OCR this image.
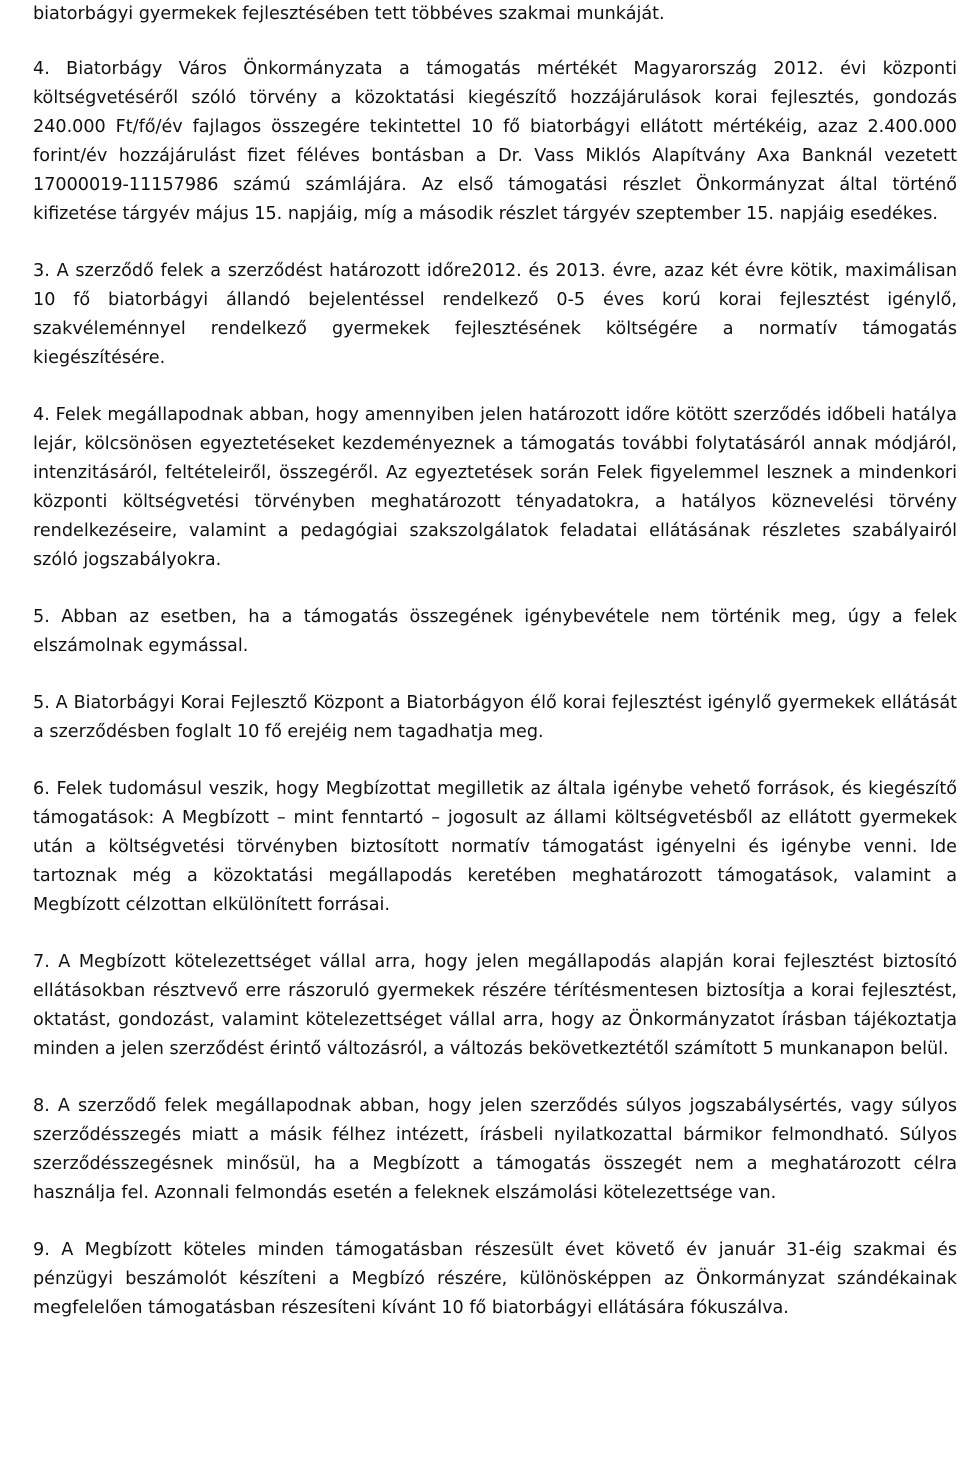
biatorbágyi gyermekek fejlesztésében tett többéves szakmai munkáját.

4. Biatorbágy Város Önkormányzata a támogatás mértékét Magyarország 2012. évi központi költségvetéséről szóló törvény a közoktatási kiegészítő hozzájárulások korai fejlesztés, gondozás 240.000 Ft/fő/év fajlagos összegére tekintettel 10 fő biatorbágyi ellátott mértékéig, azaz 2.400.000 forint/év hozzájárulást fizet féléves bontásban a Dr. Vass Miklós Alapítvány Axa Banknál vezetett 17000019-11157986 számú számlájára. Az első támogatási részlet Önkormányzat által történő kifizetése tárgyév május 15. napjáig, míg a második részlet tárgyév szeptember 15. napjáig esedékes.

3. A szerződő felek a szerződést határozott időre2012. és 2013. évre, azaz két évre kötik, maximálisan 10 fő biatorbágyi állandó bejelentéssel rendelkező 0-5 éves korú korai fejlesztést igénylő, szakvéleménnyel rendelkező gyermekek fejlesztésének költségére a normatív támogatás kiegészítésére.

4. Felek megállapodnak abban, hogy amennyiben jelen határozott időre kötött szerződés időbeli hatálya lejár, kölcsönösen egyeztetéseket kezdeményeznek a támogatás további folytatásáról annak módjáról, intenzitásáról, feltételeiről, összegéről. Az egyeztetések során Felek figyelemmel lesznek a mindenkori központi költségvetési törvényben meghatározott tényadatokra, a hatályos köznevelési törvény rendelkezéseire, valamint a pedagógiai szakszolgálatok feladatai ellátásának részletes szabályairól szóló jogszabályokra.

5. Abban az esetben, ha a támogatás összegének igénybevétele nem történik meg, úgy a felek elszámolnak egymással.

5. A Biatorbágyi Korai Fejlesztő Központ a Biatorbágyon élő korai fejlesztést igénylő gyermekek ellátását a szerződésben foglalt 10 fő erejéig nem tagadhatja meg.

6. Felek tudomásul veszik, hogy Megbízottat megilletik az általa igénybe vehető források, és kiegészítő támogatások: A Megbízott – mint fenntartó – jogosult az állami költségvetésből az ellátott gyermekek után a költségvetési törvényben biztosított normatív támogatást igényelni és igénybe venni. Ide tartoznak még a közoktatási megállapodás keretében meghatározott támogatások, valamint a Megbízott célzottan elkülönített forrásai.

7. A Megbízott kötelezettséget vállal arra, hogy jelen megállapodás alapján korai fejlesztést biztosító ellátásokban résztvevő erre rászoruló gyermekek részére térítésmentesen biztosítja a korai fejlesztést, oktatást, gondozást, valamint kötelezettséget vállal arra, hogy az Önkormányzatot írásban tájékoztatja minden a jelen szerződést érintő változásról, a változás bekövetkeztétől számított 5 munkanapon belül.

8. A szerződő felek megállapodnak abban, hogy jelen szerződés súlyos jogszabálysértés, vagy súlyos szerződésszegés miatt a másik félhez intézett, írásbeli nyilatkozattal bármikor felmondható. Súlyos szerződésszegésnek minősül, ha a Megbízott a támogatás összegét nem a meghatározott célra használja fel. Azonnali felmondás esetén a feleknek elszámolási kötelezettsége van.

9. A Megbízott köteles minden támogatásban részesült évet követő év január 31-éig szakmai és pénzügyi beszámolót készíteni a Megbízó részére, különösképpen az Önkormányzat szándékainak megfelelően támogatásban részesíteni kívánt 10 fő biatorbágyi ellátására fókuszálva.
